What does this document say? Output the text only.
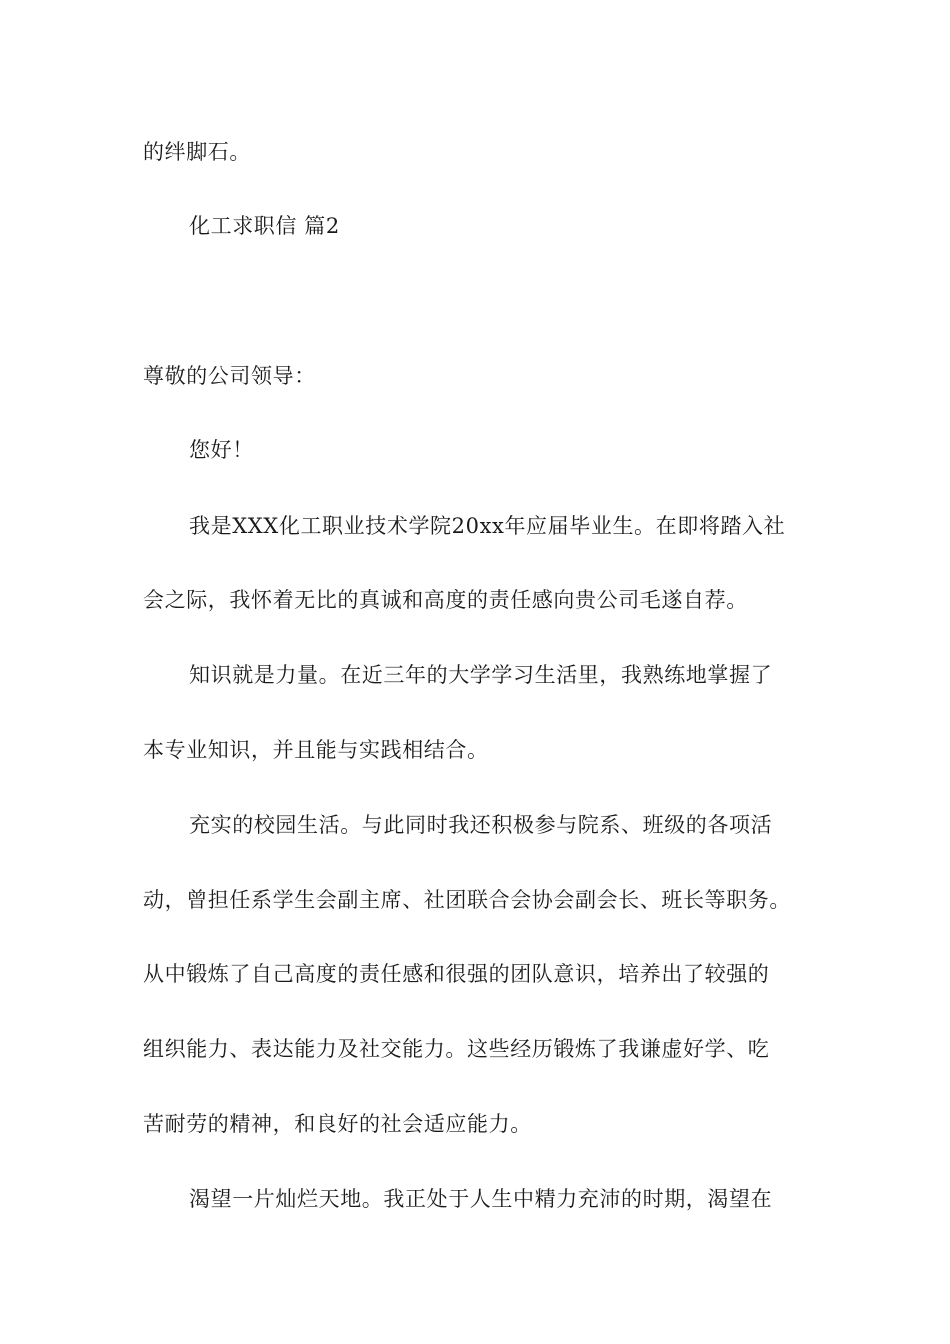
的绊脚石。
化工求职信 篇2
尊敬的公司领导：
您好！
我是XXX化工职业技术学院20xx年应届毕业生。在即将踏入社
会之际，我怀着无比的真诚和高度的责任感向贵公司毛遂自荐。
知识就是力量。在近三年的大学学习生活里，我熟练地掌握了
本专业知识，并且能与实践相结合。
充实的校园生活。与此同时我还积极参与院系、班级的各项活
动，曾担任系学生会副主席、社团联合会协会副会长、班长等职务。
从中锻炼了自己高度的责任感和很强的团队意识，培养出了较强的
组织能力、表达能力及社交能力。这些经历锻炼了我谦虚好学、吃
苦耐劳的精神，和良好的社会适应能力。
渴望一片灿烂天地。我正处于人生中精力充沛的时期，渴望在
